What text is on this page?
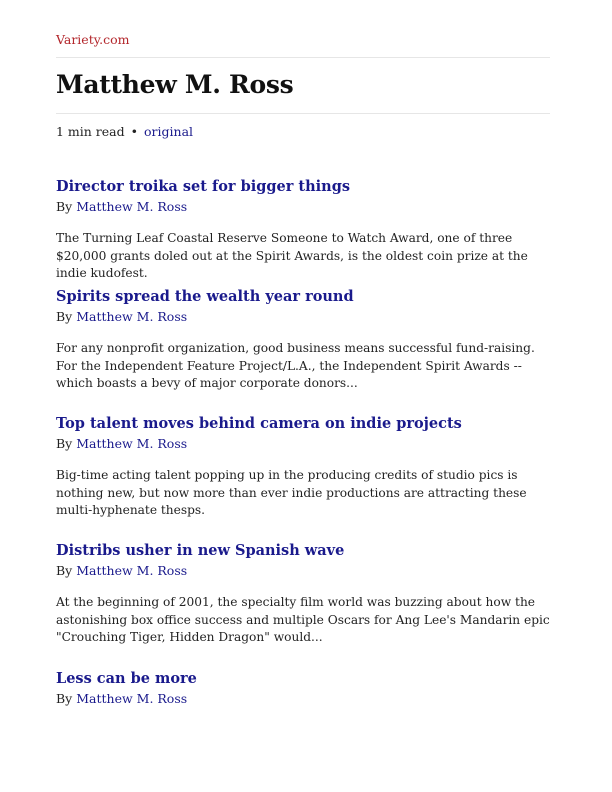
Variety.com
Matthew M. Ross
1 min read • original
Director troika set for bigger things
By Matthew M. Ross

The Turning Leaf Coastal Reserve Someone to Watch Award, one of three $20,000 grants doled out at the Spirit Awards, is the oldest coin prize at the indie kudofest.

Spirits spread the wealth year round
By Matthew M. Ross

For any nonprofit organization, good business means successful fund-raising. For the Independent Feature Project/L.A., the Independent Spirit Awards -- which boasts a bevy of major corporate donors...

Top talent moves behind camera on indie projects
By Matthew M. Ross

Big-time acting talent popping up in the producing credits of studio pics is nothing new, but now more than ever indie productions are attracting these multi-hyphenate thesps.

Distribs usher in new Spanish wave
By Matthew M. Ross

At the beginning of 2001, the specialty film world was buzzing about how the astonishing box office success and multiple Oscars for Ang Lee's Mandarin epic "Crouching Tiger, Hidden Dragon" would...

Less can be more
By Matthew M. Ross
